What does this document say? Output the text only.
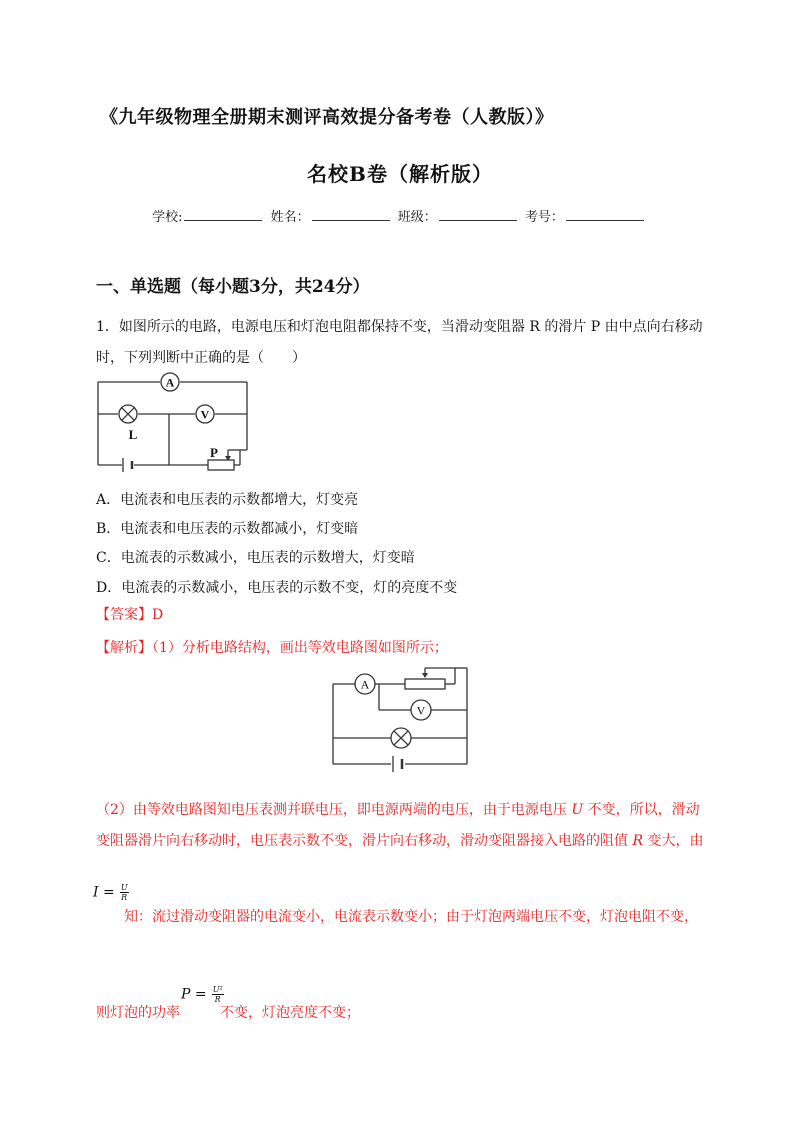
《九年级物理全册期末测评高效提分备考卷（人教版）》
名校B卷（解析版）
学校:	姓名：	班级：	考号：
一、单选题（每小题3分，共24分）
1．如图所示的电路，电源电压和灯泡电阻都保持不变，当滑动变阻器 R 的滑片 P 由中点向右移动
时，下列判断中正确的是（　　）
A
L
V
P
A．电流表和电压表的示数都增大，灯变亮
B．电流表和电压表的示数都减小，灯变暗
C．电流表的示数减小，电压表的示数增大，灯变暗
D．电流表的示数减小，电压表的示数不变，灯的亮度不变
【答案】D
【解析】（1）分析电路结构，画出等效电路图如图所示；
A
V
（2）由等效电路图知电压表测并联电压，即电源两端的电压，由于电源电压 U 不变，所以，滑动
变阻器滑片向右移动时，电压表示数不变，滑片向右移动，滑动变阻器接入电路的阻值 R 变大，由
$I = \frac{U}{R}$
知：流过滑动变阻器的电流变小，电流表示数变小；由于灯泡两端电压不变，灯泡电阻不变，
则灯泡的功率
$P = \frac{\text{U²}}{R}$
不变，灯泡亮度不变；
